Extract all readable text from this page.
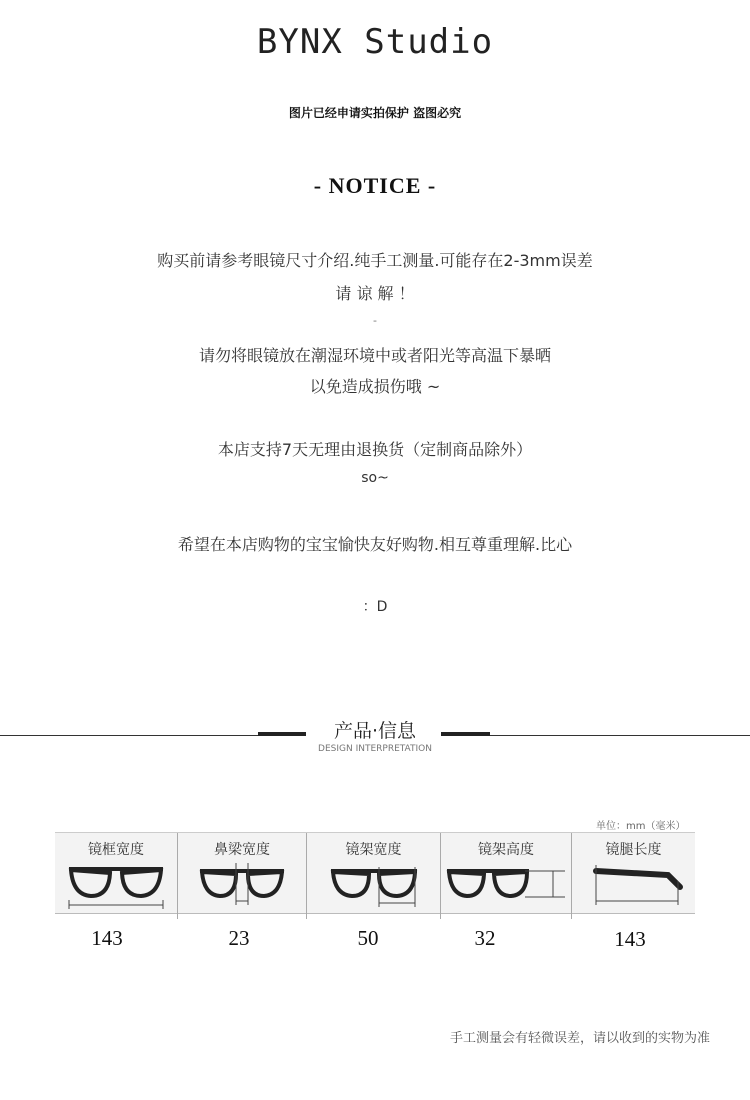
BYNX Studio
图片已经申请实拍保护 盗图必究
- NOTICE -
购买前请参考眼镜尺寸介绍.纯手工测量.可能存在2-3mm误差
请 谅 解 ！
-
请勿将眼镜放在潮湿环境中或者阳光等高温下暴晒
以免造成损伤哦 ~
本店支持7天无理由退换货（定制商品除外）
so~
希望在本店购物的宝宝愉快友好购物.相互尊重理解.比心
：D
产品·信息
DESIGN INTERPRETATION
单位：mm（毫米）
镜框宽度	鼻梁宽度	镜架宽度	镜架高度	镜腿长度
143	23	50	32	143
手工测量会有轻微误差，请以收到的实物为准
